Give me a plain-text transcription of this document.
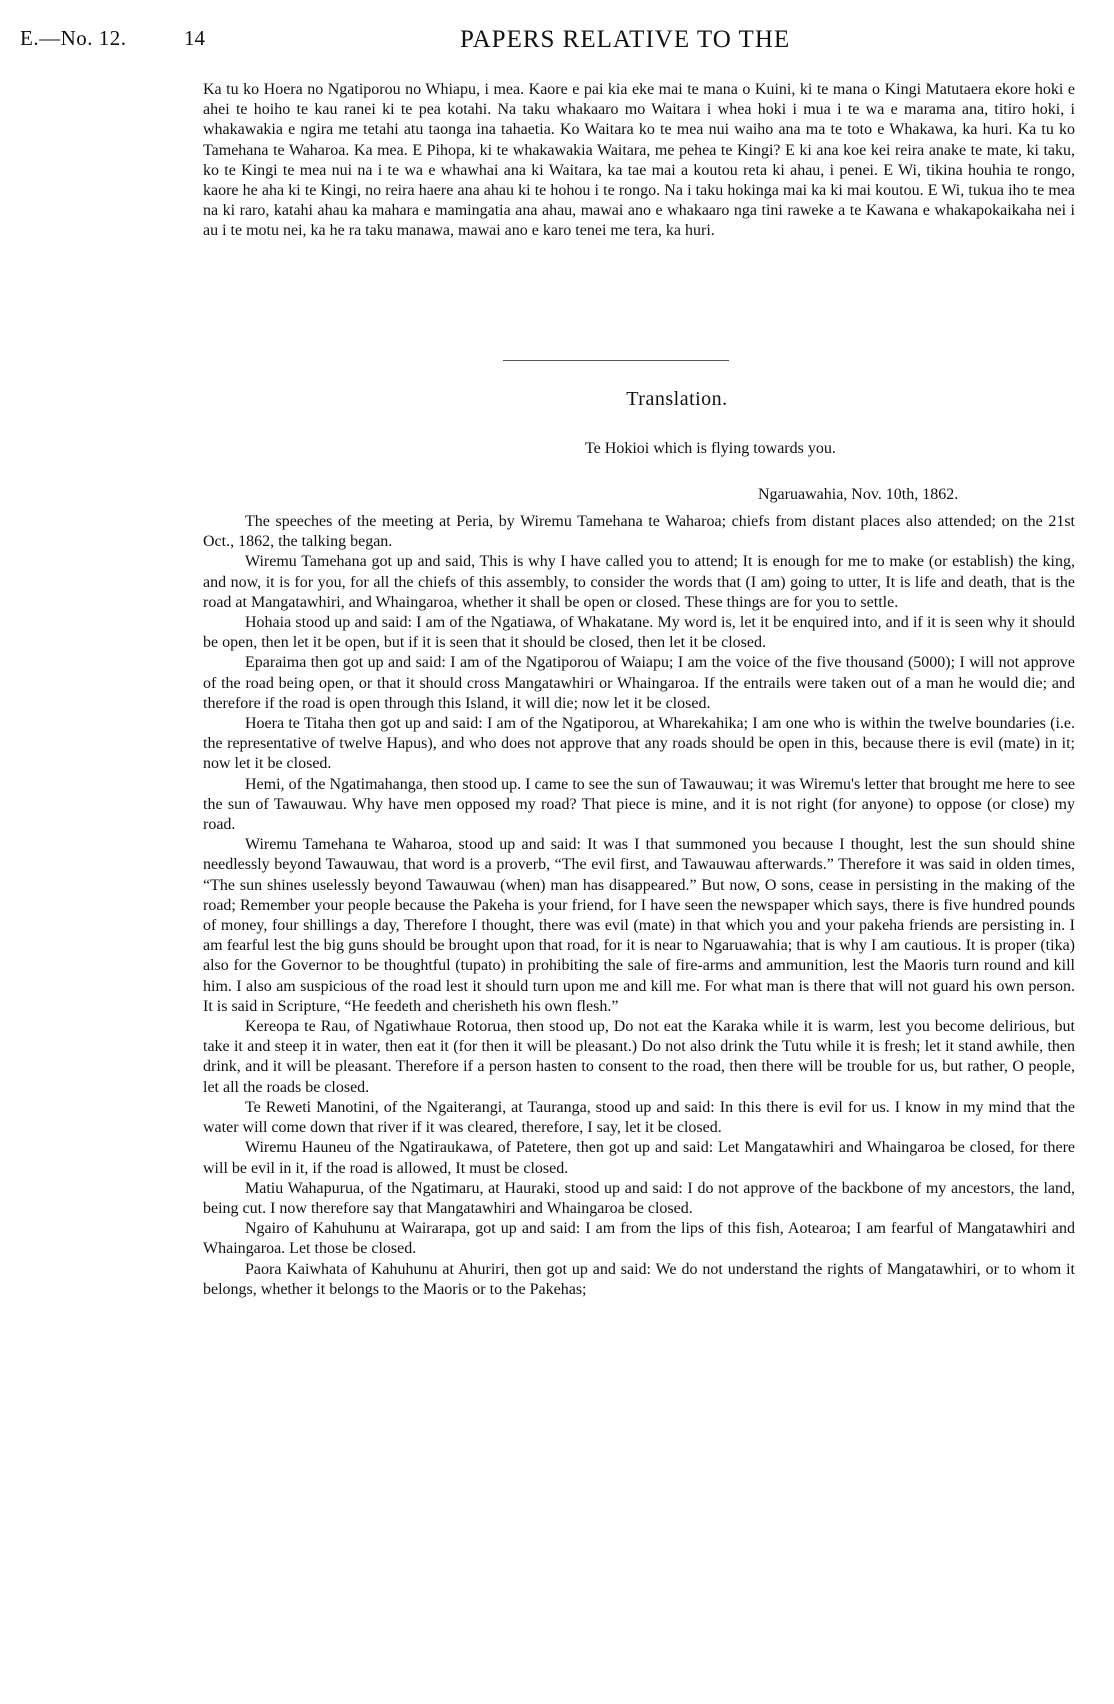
E.—No. 12.	14	PAPERS RELATIVE TO THE

Ka tu ko Hoera no Ngatiporou no Whiapu, i mea. Kaore e pai kia eke mai te mana o Kuini, ki te mana o Kingi Matutaera ekore hoki e ahei te hoiho te kau ranei ki te pea kotahi. Na taku whakaaro mo Waitara i whea hoki i mua i te wa e marama ana, titiro hoki, i whakawakia e ngira me tetahi atu taonga ina tahaetia. Ko Waitara ko te mea nui waiho ana ma te toto e Whakawa, ka huri. Ka tu ko Tamehana te Waharoa. Ka mea. E Pihopa, ki te whakawakia Waitara, me pehea te Kingi? E ki ana koe kei reira anake te mate, ki taku, ko te Kingi te mea nui na i te wa e whawhai ana ki Waitara, ka tae mai a koutou reta ki ahau, i penei. E Wi, tikina houhia te rongo, kaore he aha ki te Kingi, no reira haere ana ahau ki te hohou i te rongo. Na i taku hokinga mai ka ki mai koutou. E Wi, tukua iho te mea na ki raro, katahi ahau ka mahara e mamingatia ana ahau, mawai ano e whakaaro nga tini raweke a te Kawana e whakapokaikaha nei i au i te motu nei, ka he ra taku manawa, mawai ano e karo tenei me tera, ka huri.

Translation.
Te Hokioi which is flying towards you.
Ngaruawahia, Nov. 10th, 1862.

The speeches of the meeting at Peria, by Wiremu Tamehana te Waharoa; chiefs from distant places also attended; on the 21st Oct., 1862, the talking began.

Wiremu Tamehana got up and said, This is why I have called you to attend; It is enough for me to make (or establish) the king, and now, it is for you, for all the chiefs of this assembly, to consider the words that (I am) going to utter, It is life and death, that is the road at Mangatawhiri, and Whaingaroa, whether it shall be open or closed. These things are for you to settle.

Hohaia stood up and said: I am of the Ngatiawa, of Whakatane. My word is, let it be enquired into, and if it is seen why it should be open, then let it be open, but if it is seen that it should be closed, then let it be closed.

Eparaima then got up and said: I am of the Ngatiporou of Waiapu; I am the voice of the five thousand (5000); I will not approve of the road being open, or that it should cross Mangatawhiri or Whaingaroa. If the entrails were taken out of a man he would die; and therefore if the road is open through this Island, it will die; now let it be closed.

Hoera te Titaha then got up and said: I am of the Ngatiporou, at Wharekahika; I am one who is within the twelve boundaries (i.e. the representative of twelve Hapus), and who does not approve that any roads should be open in this, because there is evil (mate) in it; now let it be closed.

Hemi, of the Ngatimahanga, then stood up. I came to see the sun of Tawauwau; it was Wiremu's letter that brought me here to see the sun of Tawauwau. Why have men opposed my road? That piece is mine, and it is not right (for anyone) to oppose (or close) my road.

Wiremu Tamehana te Waharoa, stood up and said: It was I that summoned you because I thought, lest the sun should shine needlessly beyond Tawauwau, that word is a proverb, “The evil first, and Tawauwau afterwards.” Therefore it was said in olden times, “The sun shines uselessly beyond Tawauwau (when) man has disappeared.” But now, O sons, cease in persisting in the making of the road; Remember your people because the Pakeha is your friend, for I have seen the newspaper which says, there is five hundred pounds of money, four shillings a day, Therefore I thought, there was evil (mate) in that which you and your pakeha friends are persisting in. I am fearful lest the big guns should be brought upon that road, for it is near to Ngaruawahia; that is why I am cautious. It is proper (tika) also for the Governor to be thoughtful (tupato) in prohibiting the sale of fire-arms and ammunition, lest the Maoris turn round and kill him. I also am suspicious of the road lest it should turn upon me and kill me. For what man is there that will not guard his own person. It is said in Scripture, “He feedeth and cherisheth his own flesh.”

Kereopa te Rau, of Ngatiwhaue Rotorua, then stood up, Do not eat the Karaka while it is warm, lest you become delirious, but take it and steep it in water, then eat it (for then it will be pleasant.) Do not also drink the Tutu while it is fresh; let it stand awhile, then drink, and it will be pleasant. Therefore if a person hasten to consent to the road, then there will be trouble for us, but rather, O people, let all the roads be closed.

Te Reweti Manotini, of the Ngaiterangi, at Tauranga, stood up and said: In this there is evil for us. I know in my mind that the water will come down that river if it was cleared, therefore, I say, let it be closed.

Wiremu Hauneu of the Ngatiraukawa, of Patetere, then got up and said: Let Mangatawhiri and Whaingaroa be closed, for there will be evil in it, if the road is allowed, It must be closed.

Matiu Wahapurua, of the Ngatimaru, at Hauraki, stood up and said: I do not approve of the backbone of my ancestors, the land, being cut. I now therefore say that Mangatawhiri and Whaingaroa be closed.

Ngairo of Kahuhunu at Wairarapa, got up and said: I am from the lips of this fish, Aotearoa; I am fearful of Mangatawhiri and Whaingaroa. Let those be closed.

Paora Kaiwhata of Kahuhunu at Ahuriri, then got up and said: We do not understand the rights of Mangatawhiri, or to whom it belongs, whether it belongs to the Maoris or to the Pakehas;
